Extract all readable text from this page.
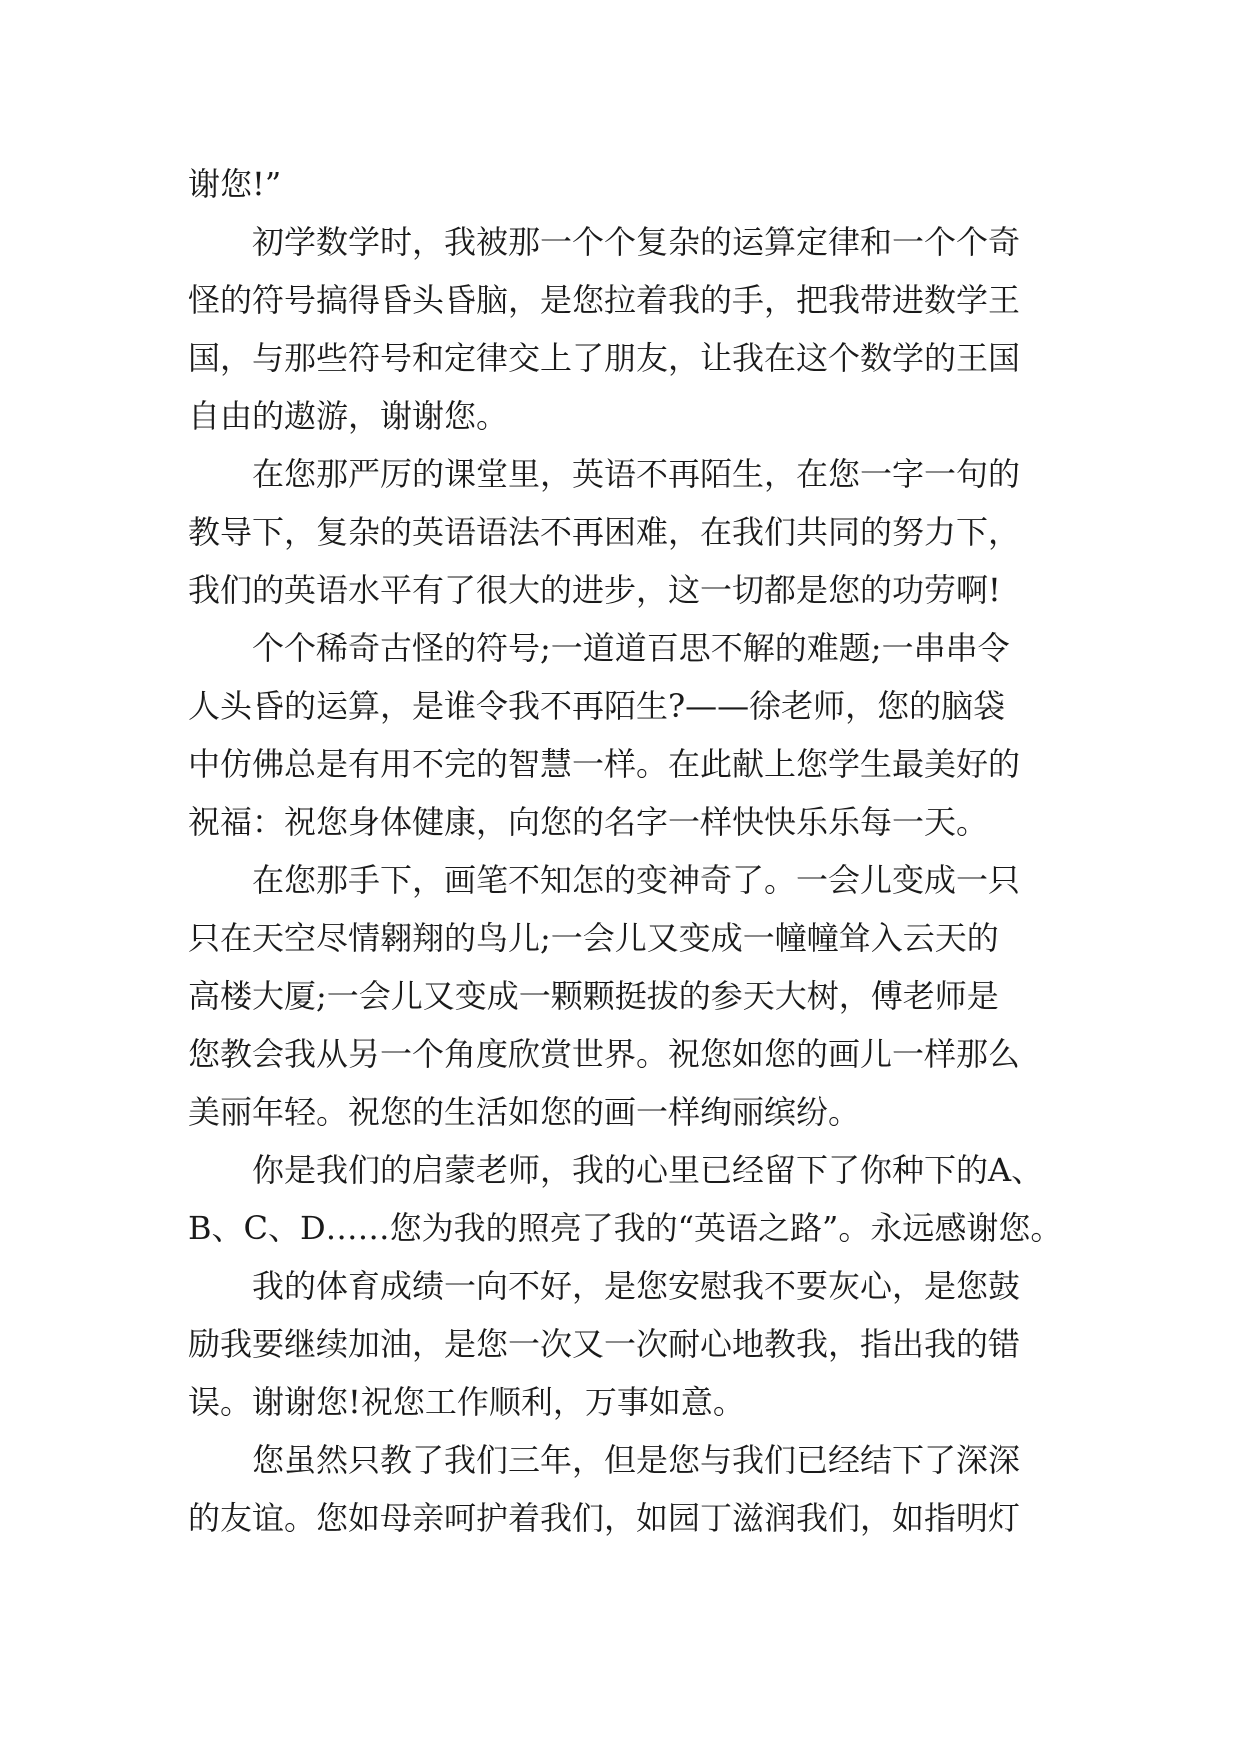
谢您!”

初学数学时，我被那一个个复杂的运算定律和一个个奇
怪的符号搞得昏头昏脑，是您拉着我的手，把我带进数学王
国，与那些符号和定律交上了朋友，让我在这个数学的王国
自由的遨游，谢谢您。

在您那严厉的课堂里，英语不再陌生，在您一字一句的
教导下，复杂的英语语法不再困难，在我们共同的努力下，
我们的英语水平有了很大的进步，这一切都是您的功劳啊!

个个稀奇古怪的符号;一道道百思不解的难题;一串串令
人头昏的运算，是谁令我不再陌生?——徐老师，您的脑袋
中仿佛总是有用不完的智慧一样。在此献上您学生最美好的
祝福：祝您身体健康，向您的名字一样快快乐乐每一天。

在您那手下，画笔不知怎的变神奇了。一会儿变成一只
只在天空尽情翱翔的鸟儿;一会儿又变成一幢幢耸入云天的
高楼大厦;一会儿又变成一颗颗挺拔的参天大树，傅老师是
您教会我从另一个角度欣赏世界。祝您如您的画儿一样那么
美丽年轻。祝您的生活如您的画一样绚丽缤纷。

你是我们的启蒙老师，我的心里已经留下了你种下的A、
B、C、D……您为我的照亮了我的“英语之路”。永远感谢您。

我的体育成绩一向不好，是您安慰我不要灰心，是您鼓
励我要继续加油，是您一次又一次耐心地教我，指出我的错
误。谢谢您!祝您工作顺利，万事如意。

您虽然只教了我们三年，但是您与我们已经结下了深深
的友谊。您如母亲呵护着我们，如园丁滋润我们，如指明灯
